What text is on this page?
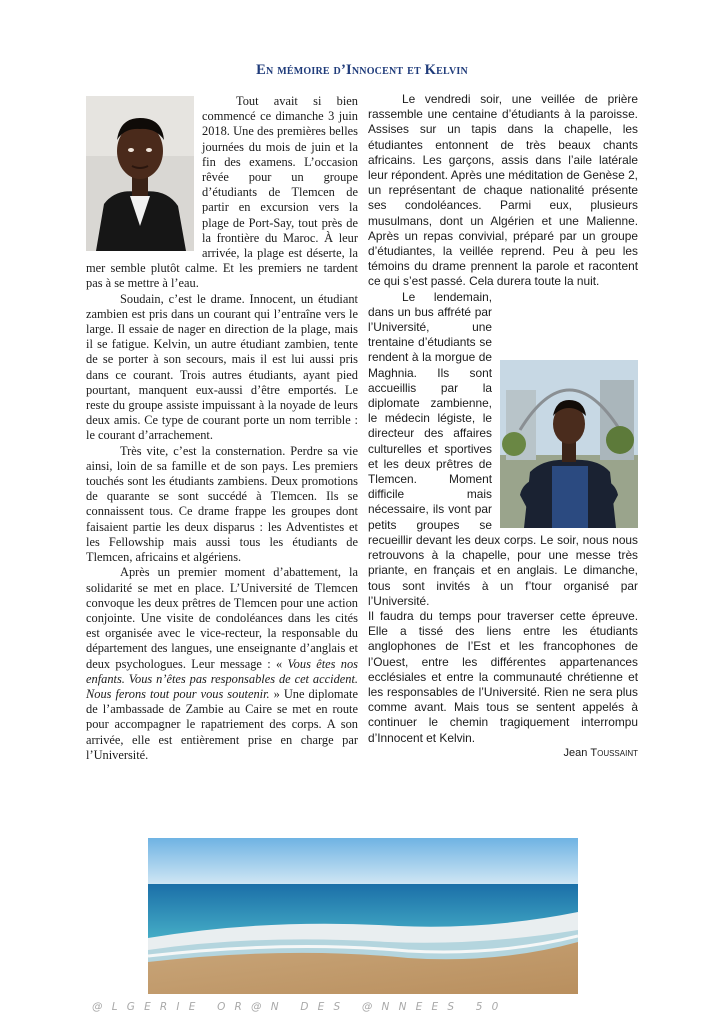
En mémoire d’Innocent et Kelvin

Tout avait si bien commencé ce dimanche 3 juin 2018. Une des premières belles journées du mois de juin et la fin des examens. L’occasion rêvée pour un groupe d’étudiants de Tlemcen de partir en excursion vers la plage de Port-Say, tout près de la frontière du Maroc. À leur arrivée, la plage est déserte, la mer semble plutôt calme. Et les premiers ne tardent pas à se mettre à l’eau.

Soudain, c’est le drame. Innocent, un étudiant zambien est pris dans un courant qui l’entraîne vers le large. Il essaie de nager en direction de la plage, mais il se fatigue. Kelvin, un autre étudiant zambien, tente de se porter à son secours, mais il est lui aussi pris dans ce courant. Trois autres étudiants, ayant pied pourtant, manquent eux-aussi d’être emportés. Le reste du groupe assiste impuissant à la noyade de leurs deux amis. Ce type de courant porte un nom terrible : le courant d’arrachement.

Très vite, c’est la consternation. Perdre sa vie ainsi, loin de sa famille et de son pays. Les premiers touchés sont les étudiants zambiens. Deux promotions de quarante se sont succédé à Tlemcen. Ils se connaissent tous. Ce drame frappe les groupes dont faisaient partie les deux disparus : les Adventistes et les Fellowship mais aussi tous les étudiants de Tlemcen, africains et algériens.

Après un premier moment d’abattement, la solidarité se met en place. L’Université de Tlemcen convoque les deux prêtres de Tlemcen pour une action conjointe. Une visite de condoléances dans les cités est organisée avec le vice-recteur, la responsable du département des langues, une enseignante d’anglais et deux psychologues. Leur message : « Vous êtes nos enfants. Vous n’êtes pas responsables de cet accident. Nous ferons tout pour vous soutenir. » Une diplomate de l’ambassade de Zambie au Caire se met en route pour accompagner le rapatriement des corps. A son arrivée, elle est entièrement prise en charge par l’Université.

Le vendredi soir, une veillée de prière rassemble une centaine d’étudiants à la paroisse. Assises sur un tapis dans la chapelle, les étudiantes entonnent de très beaux chants africains. Les garçons, assis dans l’aile latérale leur répondent. Après une méditation de Genèse 2, un représentant de chaque nationalité présente ses condoléances. Parmi eux, plusieurs musulmans, dont un Algérien et une Malienne. Après un repas convivial, préparé par un groupe d’étudiantes, la veillée reprend. Peu à peu les témoins du drame prennent la parole et racontent ce qui s’est passé. Cela durera toute la nuit.

Le lendemain, dans un bus affrété par l’Université, une trentaine d’étudiants se rendent à la morgue de Maghnia. Ils sont accueillis par la diplomate zambienne, le médecin légiste, le directeur des affaires culturelles et sportives et les deux prêtres de Tlemcen. Moment difficile mais nécessaire, ils vont par petits groupes se recueillir devant les deux corps. Le soir, nous nous retrouvons à la chapelle, pour une messe très priante, en français et en anglais. Le dimanche, tous sont invités à un f’tour organisé par l’Université.

Il faudra du temps pour traverser cette épreuve. Elle a tissé des liens entre les étudiants anglophones de l’Est et les francophones de l’Ouest, entre les différentes appartenances ecclésiales et entre la communauté chrétienne et les responsables de l’Université. Rien ne sera plus comme avant. Mais tous se sentent appelés à continuer le chemin tragiquement interrompu d’Innocent et Kelvin.

Jean Toussaint

@LGERIE OR@N DES @NNEES 50
